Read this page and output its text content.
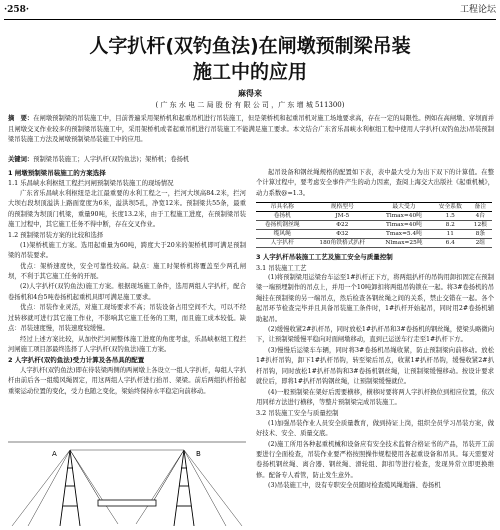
·258·	工程论坛
人字扒杆(双钓鱼法)在闸墩预制梁吊装
施工中的应用
麻得来
( 广 东 水 电 二 局 股 份 有 限 公 司 ，广 东 增 城 511300)
摘　要：在闸墩预制梁的吊装施工中，目前普遍采用架桥机和起重吊机进行吊装施工，但是架桥机和起重吊机对施工场地要求高，存在一定的局限性。例如在高闸墩、穿坝面并且闸墩交叉作业较多的预制梁吊装施工中，采用架桥机或者起重吊机进行吊装施工不能满足施工要求。本文结合广东省乐昌峡水利枢纽工程中使用人字扒杆(双钓鱼法)吊装预制梁吊装施工方法及闸墩预制梁吊装施工中的应用。
关键词：预制梁吊装施工；人字扒杆(双钓鱼法)；架桥机；卷扬机
1 闸墩预制梁吊装施工的方案选择
1.1 乐昌峡水利枢纽工程拦河闸预制梁吊装施工的现场情况

广东省乐昌峡水利枢纽是北江最重要的水利工程之一，拦河大坝高84.2米，拦河大坝右段坝顶溢洪上路面宽度为6米，溢洪坝5孔，净宽12米。预制梁共55条，最重的预制梁为坝顶门机梁，重量90吨，长度13.2米，由于工程施工进度，在预制梁吊装施工过程中，其它施工任务不得中断，存在交叉作业。

1.2 预制梁吊装方案的比较和选择

(1)架桥机施工方案。选用起重量为60吨，跨度大于20米的架桥机即可满足预制梁的吊装要求。

优点：架桥速度快，安全可靠性较高。缺点：施工时架桥机将覆盖至少两孔闸坝，不利于其它施工任务的开展。

(2)人字扒杆(双钓鱼法)施工方案。根据现场施工条件，选用两组人字扒杆，配合卷扬机和4台5吨卷扬机起重机具即可满足施工要求。

优点：吊装作业灵活，对施工现场要求不高；吊装设备占用空间不大，可以不经过转移就可进行其它施工作业，不影响其它施工任务的工期，而且施工成本较低。缺点：吊装速度慢，吊装速度较缓慢。

经过上述方案比较，从加快拦河闸整体施工进度的角度考虑，乐昌峡枢纽工程拦河闸施工项目部最终选择了人字扒杆(双钓鱼法)施工方案。

2 人字扒杆(双钓鱼法)受力计算及各吊具的配置

人字扒杆(双钓鱼法)即在待装梁两侧的两闸墩上各设立一组人字扒杆，每组人字扒杆由前后各一组缆风绳固定，用这两组人字扒杆进行抬吊、架梁。前后两组扒杆抬起重梁运动位置的变化，受力也随之变化，梁始终保持水平稳定向前移动。

起吊设备和钢丝绳规格的配置如下表，表中最大受力为出下双下的计算值。在整个计算过程中，要考虑安全事件产生的动力因素，查阅上海交大出版社《起重机械》，动力系数@=1.3。

吊具名称	规格型号	最大受力	安全系数	备注
卷扬机	JM-5	Tlmax=40吨	1.5	4台
卷扬机钢丝绳	Φ22	Tlmax=40吨	8.2	12根
缆风绳	Φ32	Tmax=5.4吨	11	8条
人字扒杆	180角铁格式扒杆	Nlmax=25吨	6.4	2组
3 人字扒杆吊装施工工艺及施工安全与质量控制
3.1 吊装施工工艺

(1)将预制梁用运梁台车运至1#扒杆正下方，将两组扒杆的吊钩用卸扣固定在预制梁一端预埋制作的吊点上，并用一个10吨卸扣将两组吊钩锁在一起。将3#卷扬机的吊绳挂在预制梁的另一端吊点，然后检查各钢丝绳之间的关系，禁止交错在一起。各个起吊环节检查完毕并且具备吊装施工条件时，1#扒杆开始起吊，同时用2#卷扬机辅助起吊。

(2)缓慢收紧2#扒杆吊，同时放松1#扒杆吊和3#卷扬机的钢丝绳，使梁头略微向下，让预制梁缓慢平稳向对面闸墩移动，直到已运送车行走至1#扒杆下方。

(3)慢慢后运梁车车辆，同时将3#卷扬机吊绳收紧，防止预制梁向前移动。放松1#扒杆吊钩，卸下1#扒杆吊钩，转至梁后吊点，收紧1#扒杆吊钩，缓慢收紧2#扒杆吊钩，同时放松1#扒杆吊钩和3#卷扬机钢丝绳，让预制梁缓慢移动。按设计要求就位后，即将1#扒杆吊钩钢丝绳，让预制梁缓慢就位。

(4)一般预制梁在架好后需要横移，横移时要将两人字扒杆换位到相应位置，依次用同样方法进行横移，等整片预制梁完成吊装施工。

3.2 吊装施工安全与质量控制

(1)加强吊装作业人员安全质量教育，做到持证上岗，组织全员学习吊装方案，做好技术、安全、质量交底。

(2)施工所用各种起重机械和设备应有安全技术监督合格证书的产品，吊装开工前要进行全面检查，吊装作业要严格按照操作规程使用各起重设备和吊具。每天需要对卷扬机钢丝绳、离合器、钢丝绳、滑轮组、卸扣等进行检查，发现异常立即更换维修。配备专人看管，防止发生意外。

(3)吊装施工中，设有专职安全员随时检查缆风绳地锚、卷扬机

A	B
